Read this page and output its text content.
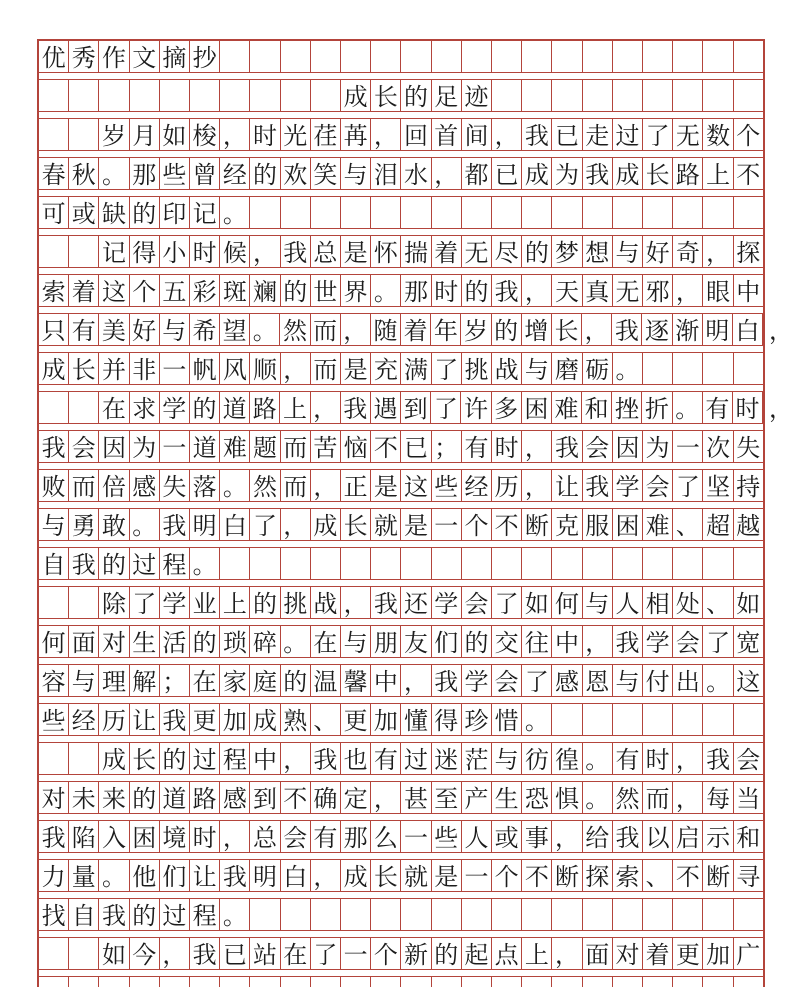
优 秀 作 文 摘 抄
成 长 的 足 迹
岁 月 如 梭 ， 时 光 荏 苒 ， 回 首 间 ， 我 已 走 过 了 无 数 个
春 秋 。 那 些 曾 经 的 欢 笑 与 泪 水 ， 都 已 成 为 我 成 长 路 上 不
可 或 缺 的 印 记 。
记 得 小 时 候 ， 我 总 是 怀 揣 着 无 尽 的 梦 想 与 好 奇 ， 探
索 着 这 个 五 彩 斑 斓 的 世 界 。 那 时 的 我 ， 天 真 无 邪 ， 眼 中
只 有 美 好 与 希 望 。 然 而 ， 随 着 年 岁 的 增 长 ， 我 逐 渐 明 白 ，
成 长 并 非 一 帆 风 顺 ， 而 是 充 满 了 挑 战 与 磨 砺 。
在 求 学 的 道 路 上 ， 我 遇 到 了 许 多 困 难 和 挫 折 。 有 时 ，
我 会 因 为 一 道 难 题 而 苦 恼 不 已 ； 有 时 ， 我 会 因 为 一 次 失
败 而 倍 感 失 落 。 然 而 ， 正 是 这 些 经 历 ， 让 我 学 会 了 坚 持
与 勇 敢 。 我 明 白 了 ， 成 长 就 是 一 个 不 断 克 服 困 难 、 超 越
自 我 的 过 程 。
除 了 学 业 上 的 挑 战 ， 我 还 学 会 了 如 何 与 人 相 处 、 如
何 面 对 生 活 的 琐 碎 。 在 与 朋 友 们 的 交 往 中 ， 我 学 会 了 宽
容 与 理 解 ； 在 家 庭 的 温 馨 中 ， 我 学 会 了 感 恩 与 付 出 。 这
些 经 历 让 我 更 加 成 熟 、 更 加 懂 得 珍 惜 。
成 长 的 过 程 中 ， 我 也 有 过 迷 茫 与 彷 徨 。 有 时 ， 我 会
对 未 来 的 道 路 感 到 不 确 定 ， 甚 至 产 生 恐 惧 。 然 而 ， 每 当
我 陷 入 困 境 时 ， 总 会 有 那 么 一 些 人 或 事 ， 给 我 以 启 示 和
力 量 。 他 们 让 我 明 白 ， 成 长 就 是 一 个 不 断 探 索 、 不 断 寻
找 自 我 的 过 程 。
如 今 ， 我 已 站 在 了 一 个 新 的 起 点 上 ， 面 对 着 更 加 广
